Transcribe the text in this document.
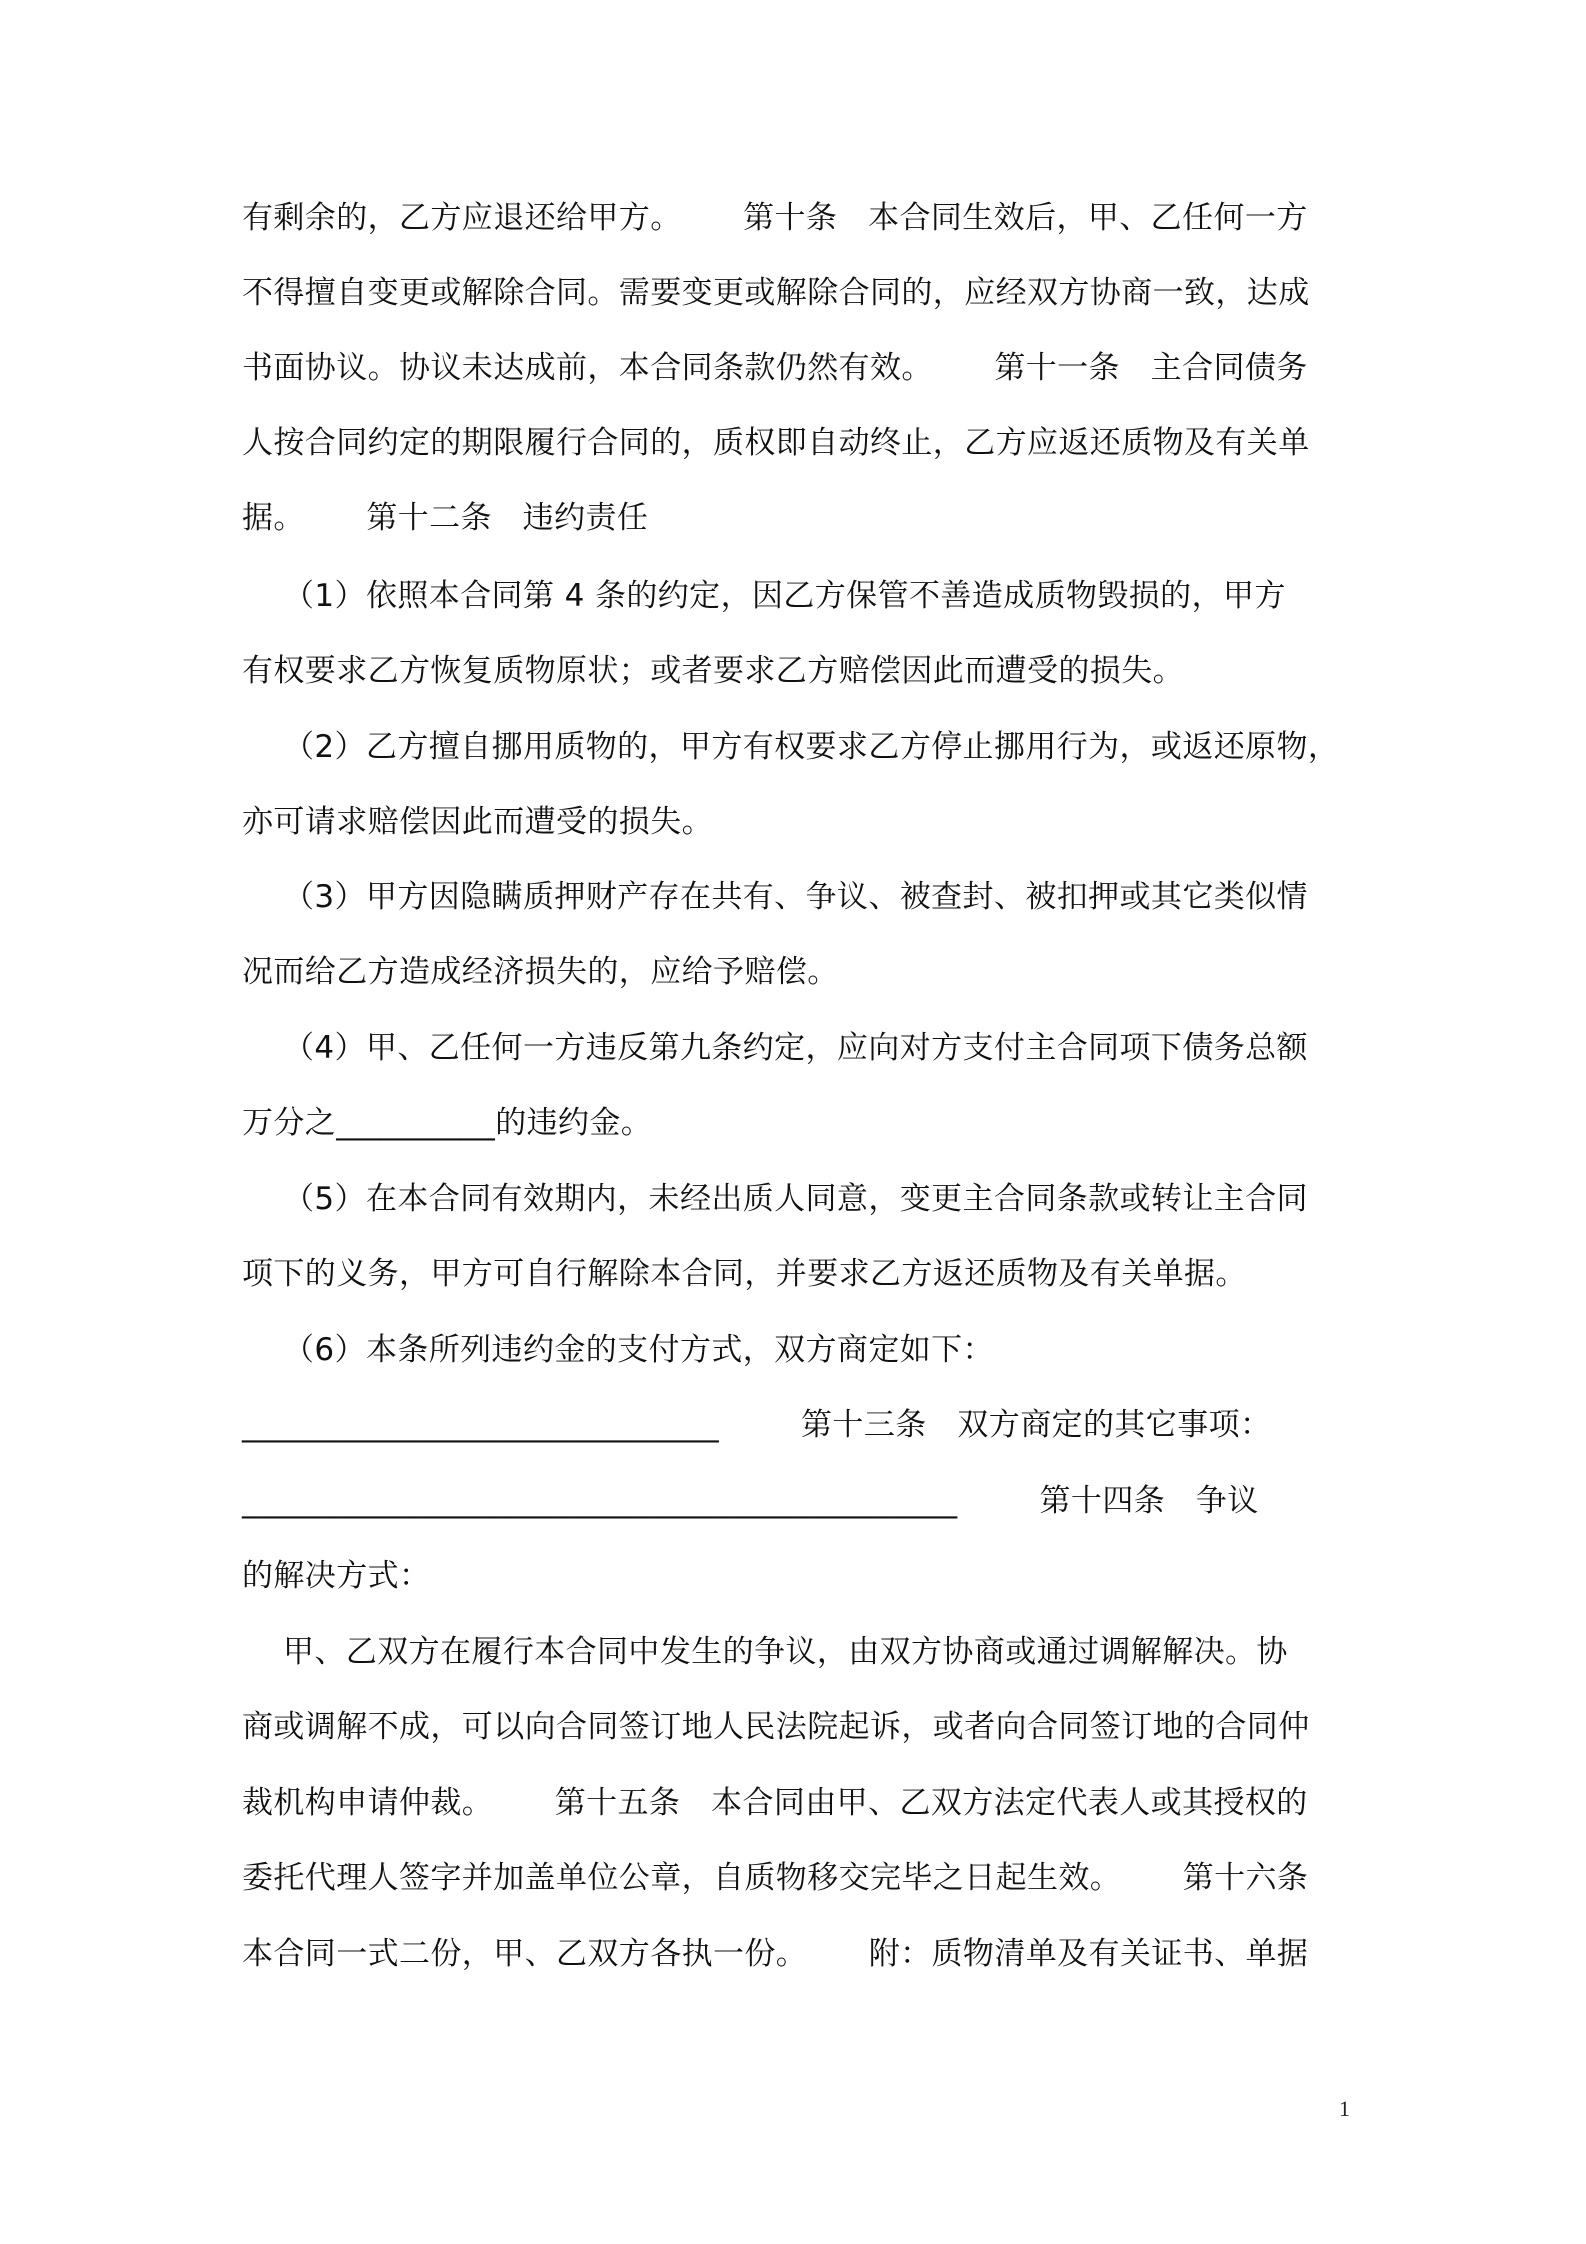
有剩余的，乙方应退还给甲方。      第十条   本合同生效后，甲、乙任何一方
不得擅自变更或解除合同。需要变更或解除合同的，应经双方协商一致，达成
书面协议。协议未达成前，本合同条款仍然有效。      第十一条   主合同债务
人按合同约定的期限履行合同的，质权即自动终止，乙方应返还质物及有关单
据。      第十二条   违约责任
（1）依照本合同第 4 条的约定，因乙方保管不善造成质物毁损的，甲方
有权要求乙方恢复质物原状；或者要求乙方赔偿因此而遭受的损失。
（2）乙方擅自挪用质物的，甲方有权要求乙方停止挪用行为，或返还原物，
亦可请求赔偿因此而遭受的损失。
（3）甲方因隐瞒质押财产存在共有、争议、被查封、被扣押或其它类似情
况而给乙方造成经济损失的，应给予赔偿。
（4）甲、乙任何一方违反第九条约定，应向对方支付主合同项下债务总额
万分之__________的违约金。
（5）在本合同有效期内，未经出质人同意，变更主合同条款或转让主合同
项下的义务，甲方可自行解除本合同，并要求乙方返还质物及有关单据。
（6）本条所列违约金的支付方式，双方商定如下：
______________________________        第十三条   双方商定的其它事项：
_____________________________________________        第十四条   争议
的解决方式：
甲、乙双方在履行本合同中发生的争议，由双方协商或通过调解解决。协
商或调解不成，可以向合同签订地人民法院起诉，或者向合同签订地的合同仲
裁机构申请仲裁。      第十五条   本合同由甲、乙双方法定代表人或其授权的
委托代理人签字并加盖单位公章，自质物移交完毕之日起生效。      第十六条
本合同一式二份，甲、乙双方各执一份。      附：质物清单及有关证书、单据
1
